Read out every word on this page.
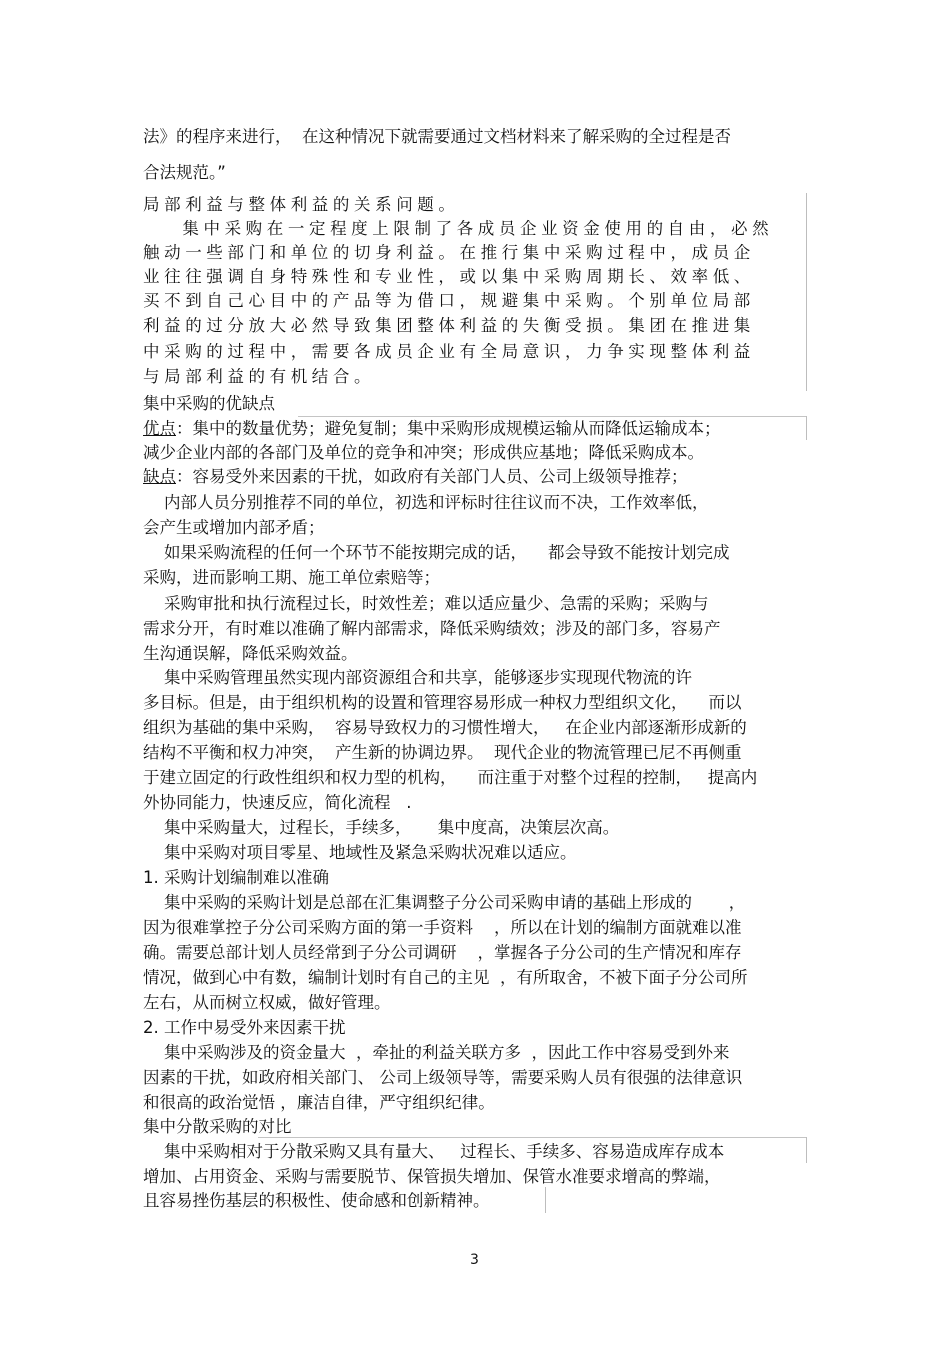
法》的程序来进行，  在这种情况下就需要通过文档材料来了解采购的全过程是否
合法规范。”
局部利益与整体利益的关系问题。
集中采购在一定程度上限制了各成员企业资金使用的自由，必然
触动一些部门和单位的切身利益。在推行集中采购过程中，成员企
业往往强调自身特殊性和专业性，或以集中采购周期长、效率低、
买不到自己心目中的产品等为借口，规避集中采购。个别单位局部
利益的过分放大必然导致集团整体利益的失衡受损。集团在推进集
中采购的过程中，需要各成员企业有全局意识，力争实现整体利益
与局部利益的有机结合。
集中采购的优缺点
优点：集中的数量优势；避免复制；集中采购形成规模运输从而降低运输成本；
减少企业内部的各部门及单位的竞争和冲突；形成供应基地；降低采购成本。
缺点：容易受外来因素的干扰，如政府有关部门人员、公司上级领导推荐；
内部人员分别推荐不同的单位，初选和评标时往往议而不决，工作效率低，
会产生或增加内部矛盾；
如果采购流程的任何一个环节不能按期完成的话，    都会导致不能按计划完成
采购，进而影响工期、施工单位索赔等；
采购审批和执行流程过长，时效性差；难以适应量少、急需的采购；采购与
需求分开，有时难以准确了解内部需求，降低采购绩效；涉及的部门多，容易产
生沟通误解，降低采购效益。
集中采购管理虽然实现内部资源组合和共享，能够逐步实现现代物流的许
多目标。但是，由于组织机构的设置和管理容易形成一种权力型组织文化，    而以
组织为基础的集中采购，  容易导致权力的习惯性增大，   在企业内部逐渐形成新的
结构不平衡和权力冲突，  产生新的协调边界。  现代企业的物流管理已尼不再侧重
于建立固定的行政性组织和权力型的机构，    而注重于对整个过程的控制，   提高内
外协同能力，快速反应，简化流程   .
集中采购量大，过程长，手续多，     集中度高，决策层次高。
集中采购对项目零星、地域性及紧急采购状况难以适应。
1. 采购计划编制难以准确
集中采购的采购计划是总部在汇集调整子分公司采购申请的基础上形成的       ，
因为很难掌控子分公司采购方面的第一手资料    ，所以在计划的编制方面就难以准
确。需要总部计划人员经常到子分公司调研    ，掌握各子分公司的生产情况和库存
情况，做到心中有数，编制计划时有自己的主见  ，有所取舍，不被下面子分公司所
左右，从而树立权威，做好管理。
2. 工作中易受外来因素干扰
集中采购涉及的资金量大  ，牵扯的利益关联方多  ，因此工作中容易受到外来
因素的干扰，如政府相关部门、 公司上级领导等，需要采购人员有很强的法律意识
和很高的政治觉悟 ，廉洁自律，严守组织纪律。
集中分散采购的对比
集中采购相对于分散采购又具有量大、   过程长、手续多、容易造成库存成本
增加、占用资金、采购与需要脱节、保管损失增加、保管水准要求增高的弊端，
且容易挫伤基层的积极性、使命感和创新精神。
3
